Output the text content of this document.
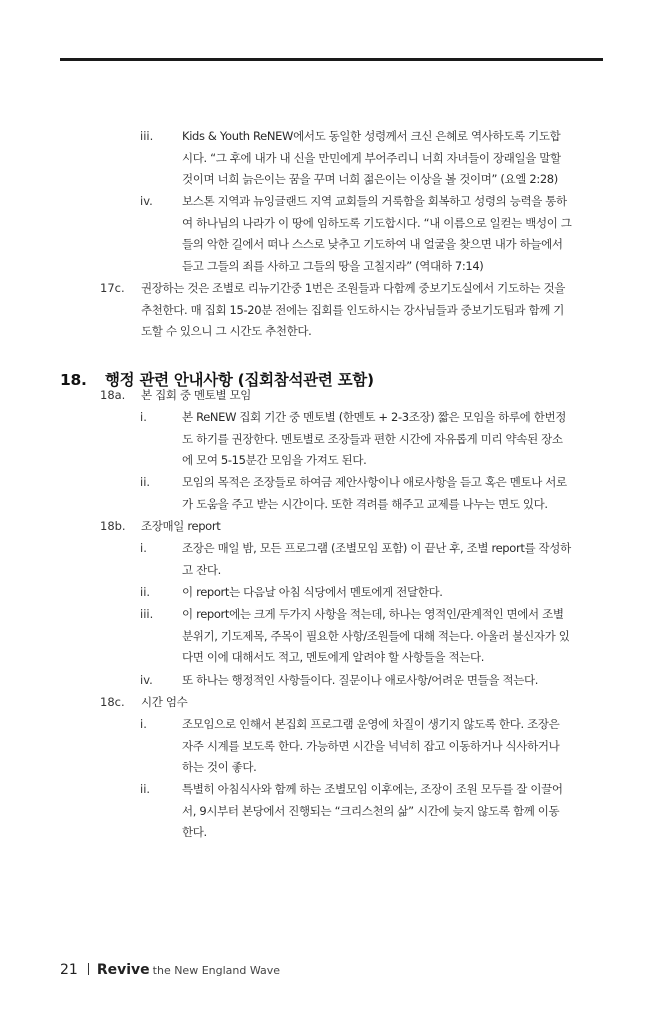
iii.	Kids & Youth ReNEW에서도 동일한 성령께서 크신 은혜로 역사하도록 기도합
시다. “그 후에 내가 내 신을 만민에게 부어주리니 너희 자녀들이 장래일을 말할
것이며 너희 늙은이는 꿈을 꾸며 너희 젊은이는 이상을 볼 것이며” (요엘 2:28)
iv.	보스톤 지역과 뉴잉글랜드 지역 교회들의 거룩함을 회복하고 성령의 능력을 통하
여 하나님의 나라가 이 땅에 임하도록 기도합시다. “내 이름으로 일컫는 백성이 그
들의 악한 길에서 떠나 스스로 낮추고 기도하여 내 얼굴을 찾으면 내가 하늘에서
듣고 그들의 죄를 사하고 그들의 땅을 고칠지라” (역대하 7:14)
17c. 권장하는 것은 조별로 리뉴기간중 1번은 조원들과 다함께 중보기도실에서 기도하는 것을
추천한다. 매 집회 15-20분 전에는 집회를 인도하시는 강사님들과 중보기도팀과 함께 기
도할 수 있으니 그 시간도 추천한다.
18a. 본 집회 중 멘토별 모임
i.	본 ReNEW 집회 기간 중 멘토별 (한멘토 + 2-3조장) 짧은 모임을 하루에 한번정
도 하기를 권장한다. 멘토별로 조장들과 편한 시간에 자유롭게 미리 약속된 장소
에 모여 5-15분간 모임을 가져도 된다.
ii.	모임의 목적은 조장들로 하여금 제안사항이나 애로사항을 듣고 혹은 멘토나 서로
가 도움을 주고 받는 시간이다. 또한 격려를 해주고 교제를 나누는 면도 있다.
18b. 조장매일 report
i.	조장은 매일 밤, 모든 프로그램 (조별모임 포함) 이 끝난 후, 조별 report를 작성하
고 잔다.
ii.	이 report는 다음날 아침 식당에서 멘토에게 전달한다.
iii.	이 report에는 크게 두가지 사항을 적는데, 하나는 영적인/관계적인 면에서 조별
분위기, 기도제목, 주목이 필요한 사항/조원들에 대해 적는다. 아울러 불신자가 있
다면 이에 대해서도 적고, 멘토에게 알려야 할 사항들을 적는다.
iv.	또 하나는 행정적인 사항들이다. 질문이나 애로사항/어려운 면들을 적는다.
18c. 시간 엄수
i.	조모임으로 인해서 본집회 프로그램 운영에 차질이 생기지 않도록 한다. 조장은
자주 시계를 보도록 한다. 가능하면 시간을 넉넉히 잡고 이동하거나 식사하거나
하는 것이 좋다.
ii.	특별히 아침식사와 함께 하는 조별모임 이후에는, 조장이 조원 모두를 잘 이끌어
서, 9시부터 본당에서 진행되는 “크리스천의 삶” 시간에 늦지 않도록 함께 이동
한다.
18. 행정 관련 안내사항 (집회참석관련 포함)
21 Revive the New England Wave
